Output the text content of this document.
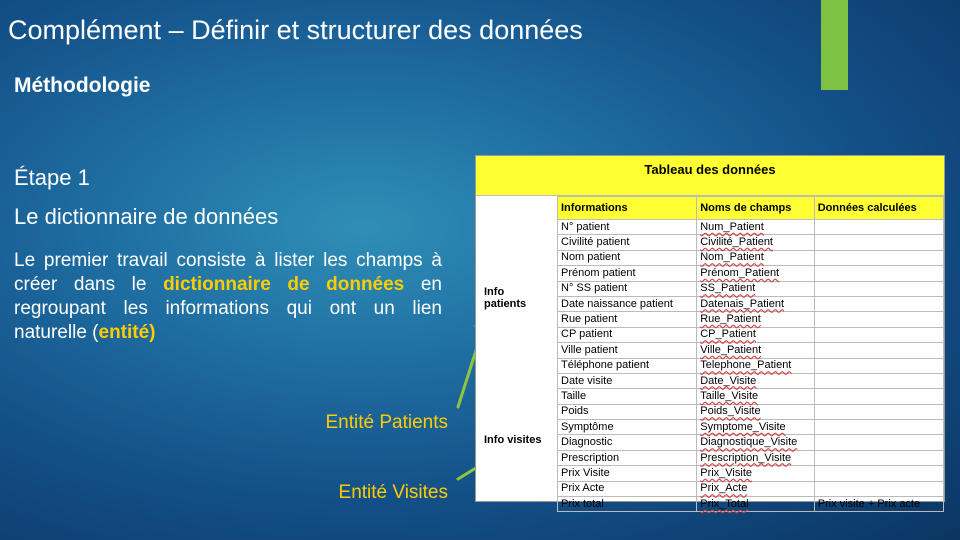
Complément – Définir et structurer des données
Méthodologie
Étape 1
Le dictionnaire de données
Le premier travail consiste à lister les champs à créer dans le dictionnaire de données en regroupant les informations qui ont un lien naturelle (entité)
Entité Patients
Entité Visites
Tableau des données
Info patients
Info visites
Informations	Noms de champs	Données calculées
N° patient	Num_Patient	
Civilité patient	Civilité_Patient	
Nom patient	Nom_Patient	
Prénom patient	Prénom_Patient	
N° SS patient	SS_Patient	
Date naissance patient	Datenais_Patient	
Rue patient	Rue_Patient	
CP patient	CP_Patient	
Ville patient	Ville_Patient	
Téléphone patient	Telephone_Patient	
Date visite	Date_Visite	
Taille	Taille_Visite	
Poids	Poids_Visite	
Symptôme	Symptome_Visite	
Diagnostic	Diagnostique_Visite	
Prescription	Prescription_Visite	
Prix Visite	Prix_Visite	
Prix Acte	Prix_Acte	
Prix total	Prix_Total	Prix visite + Prix acte
